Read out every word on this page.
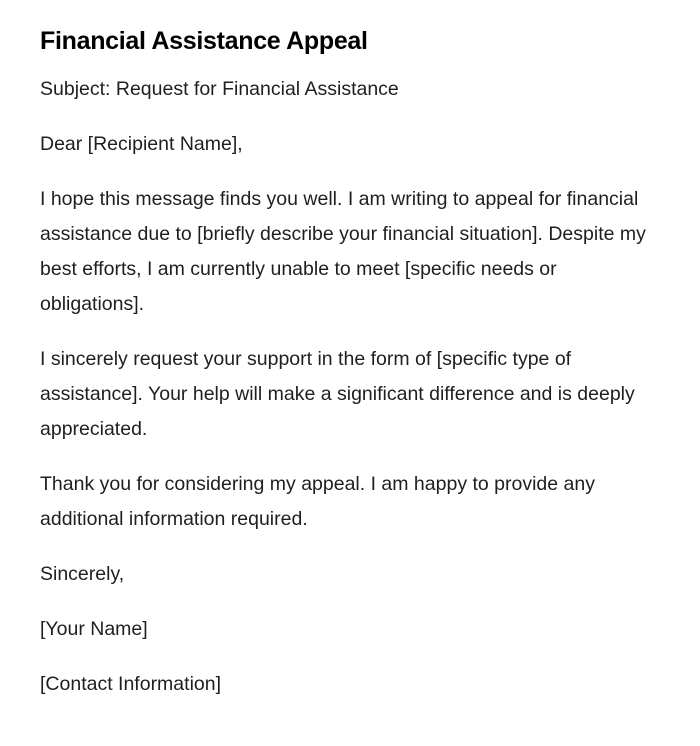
Financial Assistance Appeal

Subject: Request for Financial Assistance

Dear [Recipient Name],

I hope this message finds you well. I am writing to appeal for financial assistance due to [briefly describe your financial situation]. Despite my best efforts, I am currently unable to meet [specific needs or obligations].

I sincerely request your support in the form of [specific type of assistance]. Your help will make a significant difference and is deeply appreciated.

Thank you for considering my appeal. I am happy to provide any additional information required.

Sincerely,

[Your Name]

[Contact Information]
